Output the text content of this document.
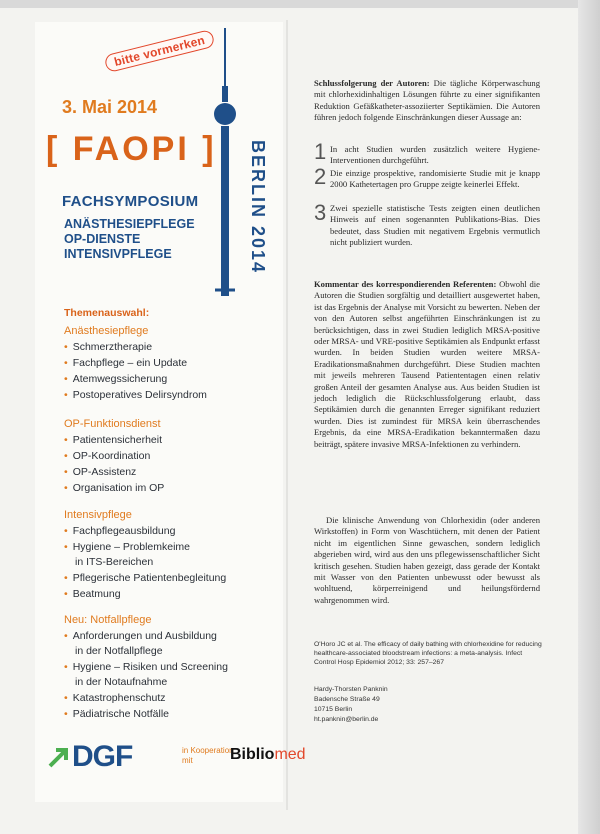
bitte vormerken
3. Mai 2014
[ FAOPI ] BERLIN 2014
FACHSYMPOSIUM
ANÄSTHESIEPFLEGE
OP-DIENSTE
INTENSIVPFLEGE
Themenauswahl:
Anästhesiepflege
• Schmerztherapie
• Fachpflege – ein Update
• Atemwegssicherung
• Postoperatives Delirsyndrom
OP-Funktionsdienst
• Patientensicherheit
• OP-Koordination
• OP-Assistenz
• Organisation im OP
Intensivpflege
• Fachpflegeausbildung
• Hygiene – Problemkeime
in ITS-Bereichen
• Pflegerische Patientenbegleitung
• Beatmung
Neu: Notfallpflege
• Anforderungen und Ausbildung
in der Notfallpflege
• Hygiene – Risiken und Screening
in der Notaufnahme
• Katastrophenschutz
• Pädiatrische Notfälle
DGF	in Kooperation
mit	Bibliomed
Schlussfolgerung der Autoren: Die tägliche Körperwaschung mit chlorhexidinhaltigen Lösungen führte zu einer signifikanten Reduktion Gefäßkatheter-assoziierter Septikämien. Die Autoren führen jedoch folgende Einschränkungen dieser Aussage an:
1 In acht Studien wurden zusätzlich weitere Hygiene-Interventionen durchgeführt.
2 Die einzige prospektive, randomisierte Studie mit je knapp 2000 Kathetertagen pro Gruppe zeigte keinerlei Effekt.
3 Zwei spezielle statistische Tests zeigten einen deutlichen Hinweis auf einen sogenannten Publikations-Bias. Dies bedeutet, dass Studien mit negativem Ergebnis vermutlich nicht publiziert wurden.
Kommentar des korrespondierenden Referenten: Obwohl die Autoren die Studien sorgfältig und detailliert ausgewertet haben, ist das Ergebnis der Analyse mit Vorsicht zu bewerten. Neben der von den Autoren selbst angeführten Einschränkungen ist zu berücksichtigen, dass in zwei Studien lediglich MRSA-positive oder MRSA- und VRE-positive Septikämien als Endpunkt erfasst wurden. In beiden Studien wurden weitere MRSA-Eradikationsmaßnahmen durchgeführt. Diese Studien machten mit jeweils mehreren Tausend Patiententagen einen relativ großen Anteil der gesamten Analyse aus. Aus beiden Studien ist jedoch lediglich die Rückschlussfolgerung erlaubt, dass Septikämien durch die genannten Erreger signifikant reduziert wurden. Dies ist zumindest für MRSA kein überraschendes Ergebnis, da eine MRSA-Eradikation bekanntermaßen dazu beiträgt, spätere invasive MRSA-Infektionen zu verhindern.
Die klinische Anwendung von Chlorhexidin (oder anderen Wirkstoffen) in Form von Waschtüchern, mit denen der Patient nicht im eigentlichen Sinne gewaschen, sondern lediglich abgerieben wird, wird aus den uns pflegewissenschaftlicher Sicht kritisch gesehen. Studien haben gezeigt, dass gerade der Kontakt mit Wasser von den Patienten unbewusst oder bewusst als wohltuend, körperreinigend und heilungsfördernd wahrgenommen wird.
O'Horo JC et al. The efficacy of daily bathing with chlorhexidine for reducing healthcare-associated bloodstream infections: a meta-analysis. Infect Control Hosp Epidemiol 2012; 33: 257–267
Hardy-Thorsten Panknin
Badensche Straße 49
10715 Berlin
ht.panknin@berlin.de
